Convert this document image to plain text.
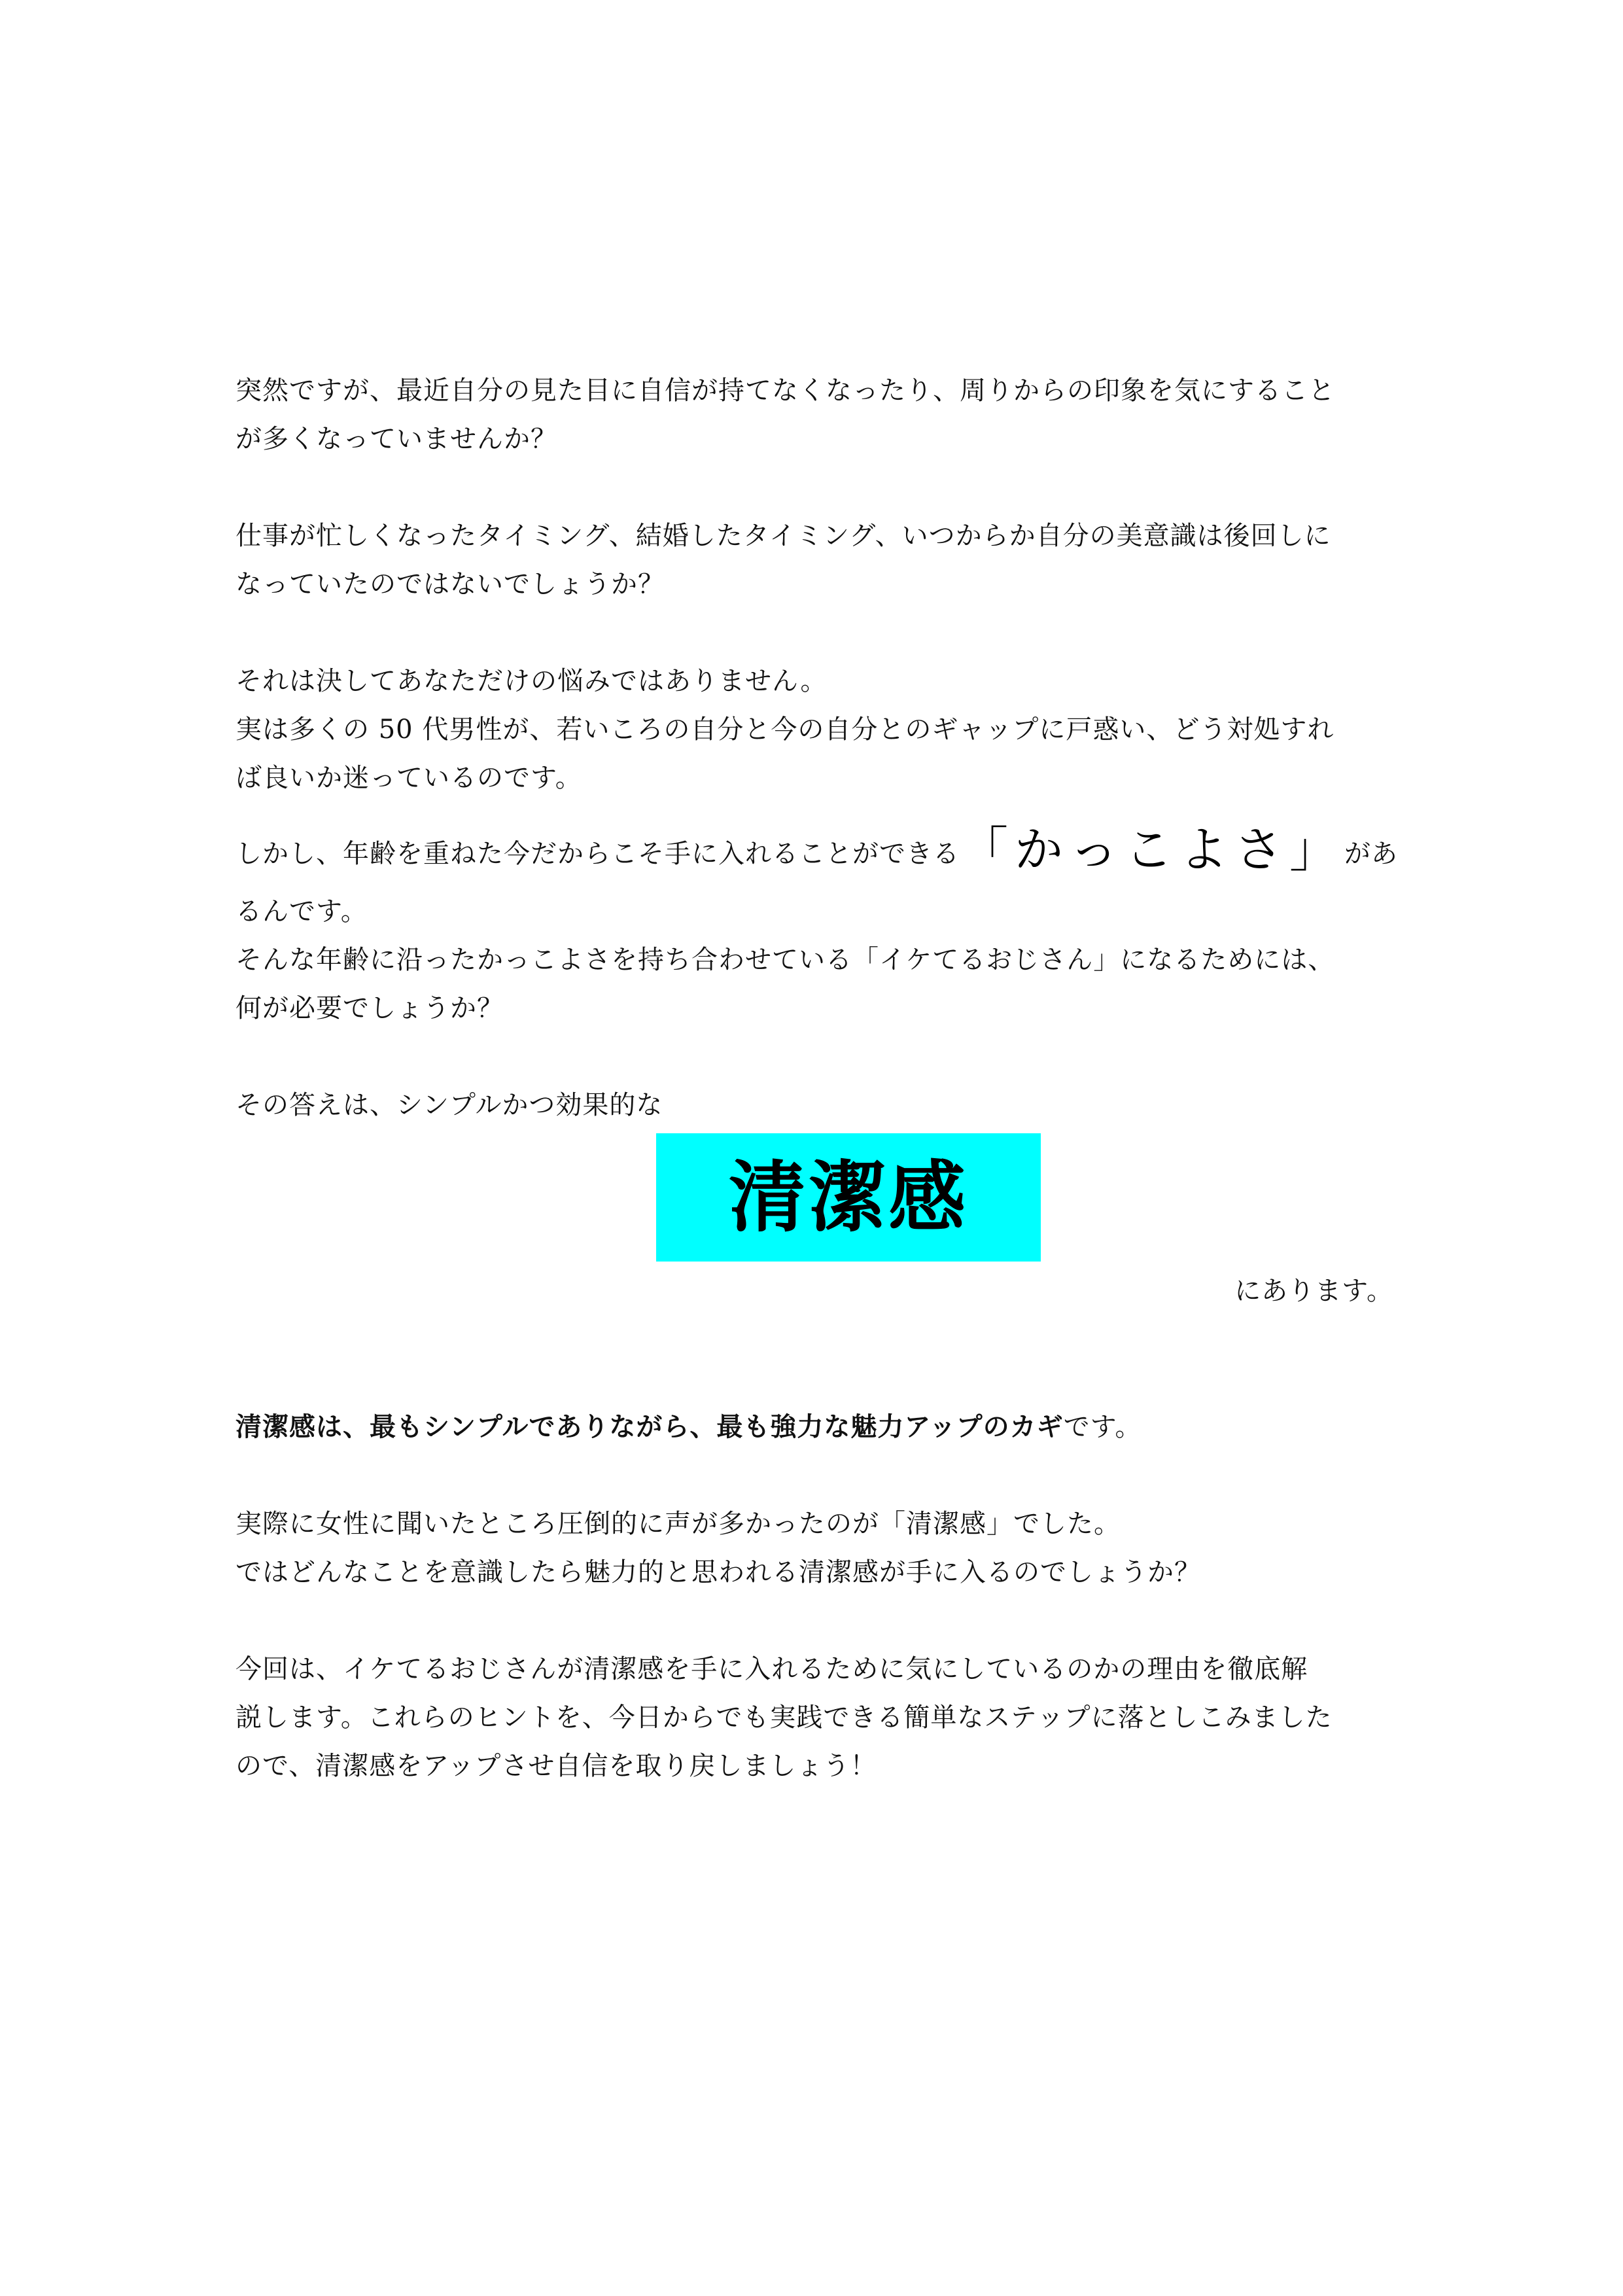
突然ですが、最近自分の見た目に自信が持てなくなったり、周りからの印象を気にすること
が多くなっていませんか？
仕事が忙しくなったタイミング、結婚したタイミング、いつからか自分の美意識は後回しに
なっていたのではないでしょうか？
それは決してあなただけの悩みではありません。
実は多くの 50 代男性が、若いころの自分と今の自分とのギャップに戸惑い、どう対処すれ
ば良いか迷っているのです。
しかし、年齢を重ねた今だからこそ手に入れることができる「かっこよさ」があ
るんです。
そんな年齢に沿ったかっこよさを持ち合わせている「イケてるおじさん」になるためには、
何が必要でしょうか？
その答えは、シンプルかつ効果的な
清潔感
にあります。
清潔感は、最もシンプルでありながら、最も強力な魅力アップのカギです。
実際に女性に聞いたところ圧倒的に声が多かったのが「清潔感」でした。
ではどんなことを意識したら魅力的と思われる清潔感が手に入るのでしょうか？
今回は、イケてるおじさんが清潔感を手に入れるために気にしているのかの理由を徹底解
説します。これらのヒントを、今日からでも実践できる簡単なステップに落としこみました
ので、清潔感をアップさせ自信を取り戻しましょう！
